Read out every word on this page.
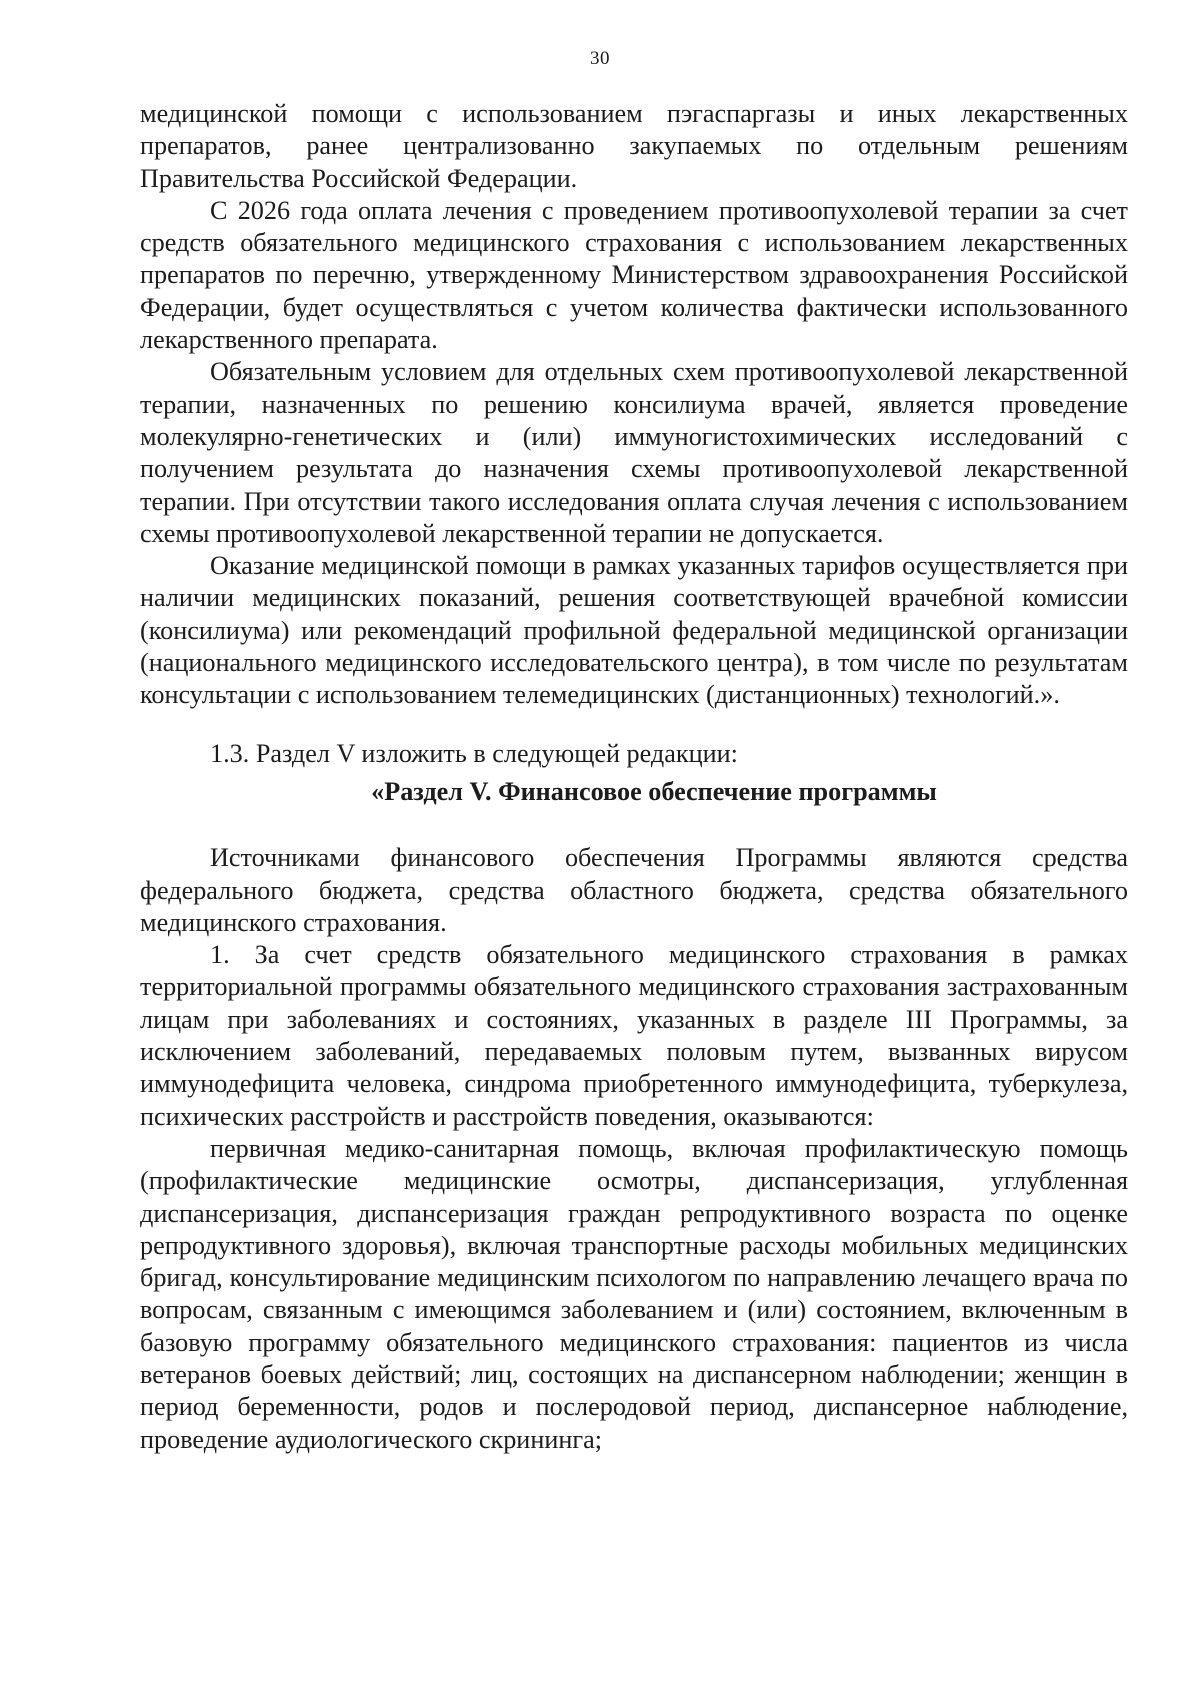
30

медицинской помощи с использованием пэгаспаргазы и иных лекарственных препаратов, ранее централизованно закупаемых по отдельным решениям Правительства Российской Федерации.

С 2026 года оплата лечения с проведением противоопухолевой терапии за счет средств обязательного медицинского страхования с использованием лекарственных препаратов по перечню, утвержденному Министерством здравоохранения Российской Федерации, будет осуществляться с учетом количества фактически использованного лекарственного препарата.

Обязательным условием для отдельных схем противоопухолевой лекарственной терапии, назначенных по решению консилиума врачей, является проведение молекулярно-генетических и (или) иммуногистохимических исследований с получением результата до назначения схемы противоопухолевой лекарственной терапии. При отсутствии такого исследования оплата случая лечения с использованием схемы противоопухолевой лекарственной терапии не допускается.

Оказание медицинской помощи в рамках указанных тарифов осуществляется при наличии медицинских показаний, решения соответствующей врачебной комиссии (консилиума) или рекомендаций профильной федеральной медицинской организации (национального медицинского исследовательского центра), в том числе по результатам консультации с использованием телемедицинских (дистанционных) технологий.».

1.3. Раздел V изложить в следующей редакции:

«Раздел V. Финансовое обеспечение программы

Источниками финансового обеспечения Программы являются средства федерального бюджета, средства областного бюджета, средства обязательного медицинского страхования.

1. За счет средств обязательного медицинского страхования в рамках территориальной программы обязательного медицинского страхования застрахованным лицам при заболеваниях и состояниях, указанных в разделе III Программы, за исключением заболеваний, передаваемых половым путем, вызванных вирусом иммунодефицита человека, синдрома приобретенного иммунодефицита, туберкулеза, психических расстройств и расстройств поведения, оказываются:

первичная медико-санитарная помощь, включая профилактическую помощь (профилактические медицинские осмотры, диспансеризация, углубленная диспансеризация, диспансеризация граждан репродуктивного возраста по оценке репродуктивного здоровья), включая транспортные расходы мобильных медицинских бригад, консультирование медицинским психологом по направлению лечащего врача по вопросам, связанным с имеющимся заболеванием и (или) состоянием, включенным в базовую программу обязательного медицинского страхования: пациентов из числа ветеранов боевых действий; лиц, состоящих на диспансерном наблюдении; женщин в период беременности, родов и послеродовой период, диспансерное наблюдение, проведение аудиологического скрининга;
